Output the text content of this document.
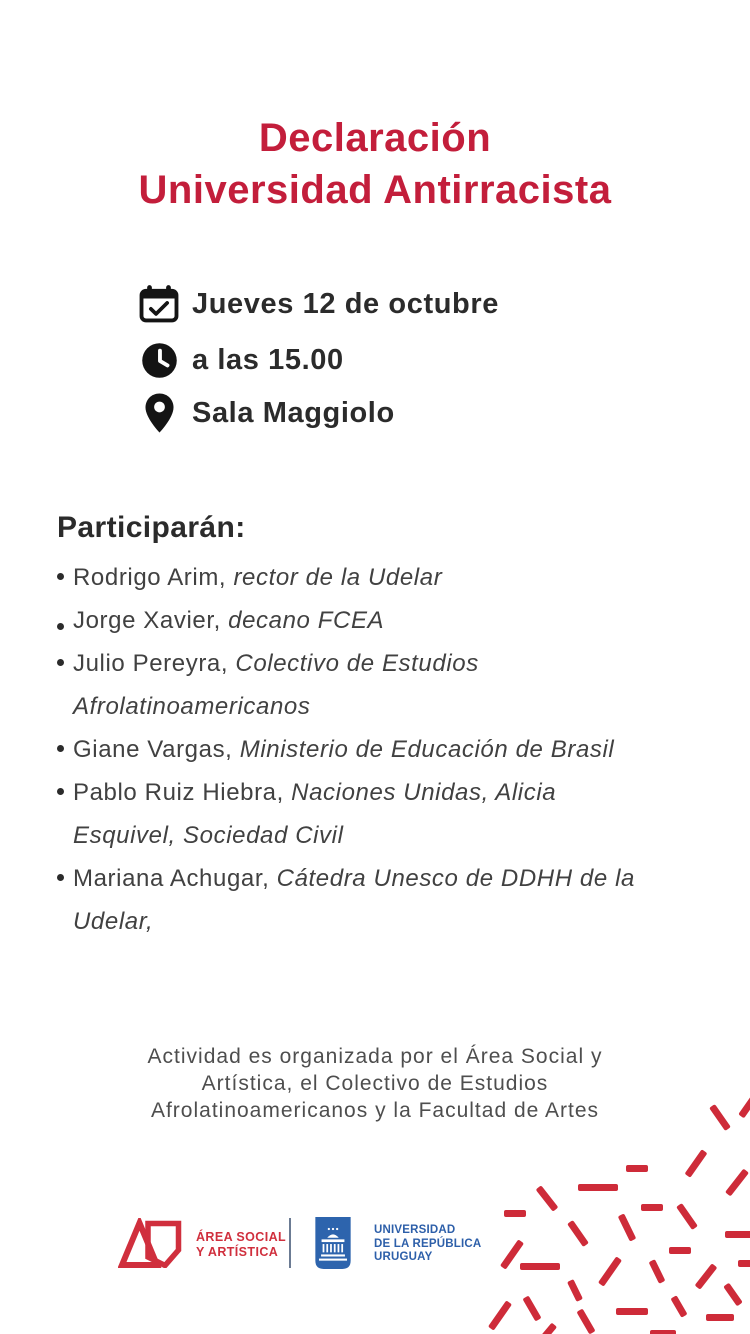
Declaración
Universidad Antirracista
Jueves 12 de octubre
a las 15.00
Sala Maggiolo
Participarán:
Rodrigo Arim, rector de la Udelar
Jorge Xavier, decano FCEA
Julio Pereyra, Colectivo de Estudios Afrolatinoamericanos
Giane Vargas, Ministerio de Educación de Brasil
Pablo Ruiz Hiebra, Naciones Unidas, Alicia Esquivel, Sociedad Civil
Mariana Achugar, Cátedra Unesco de DDHH de la Udelar,
Actividad es organizada por el Área Social y
Artística, el Colectivo de Estudios
Afrolatinoamericanos y la Facultad de Artes
ÁREA SOCIAL
Y ARTÍSTICA
UNIVERSIDAD
DE LA REPÚBLICA
URUGUAY
